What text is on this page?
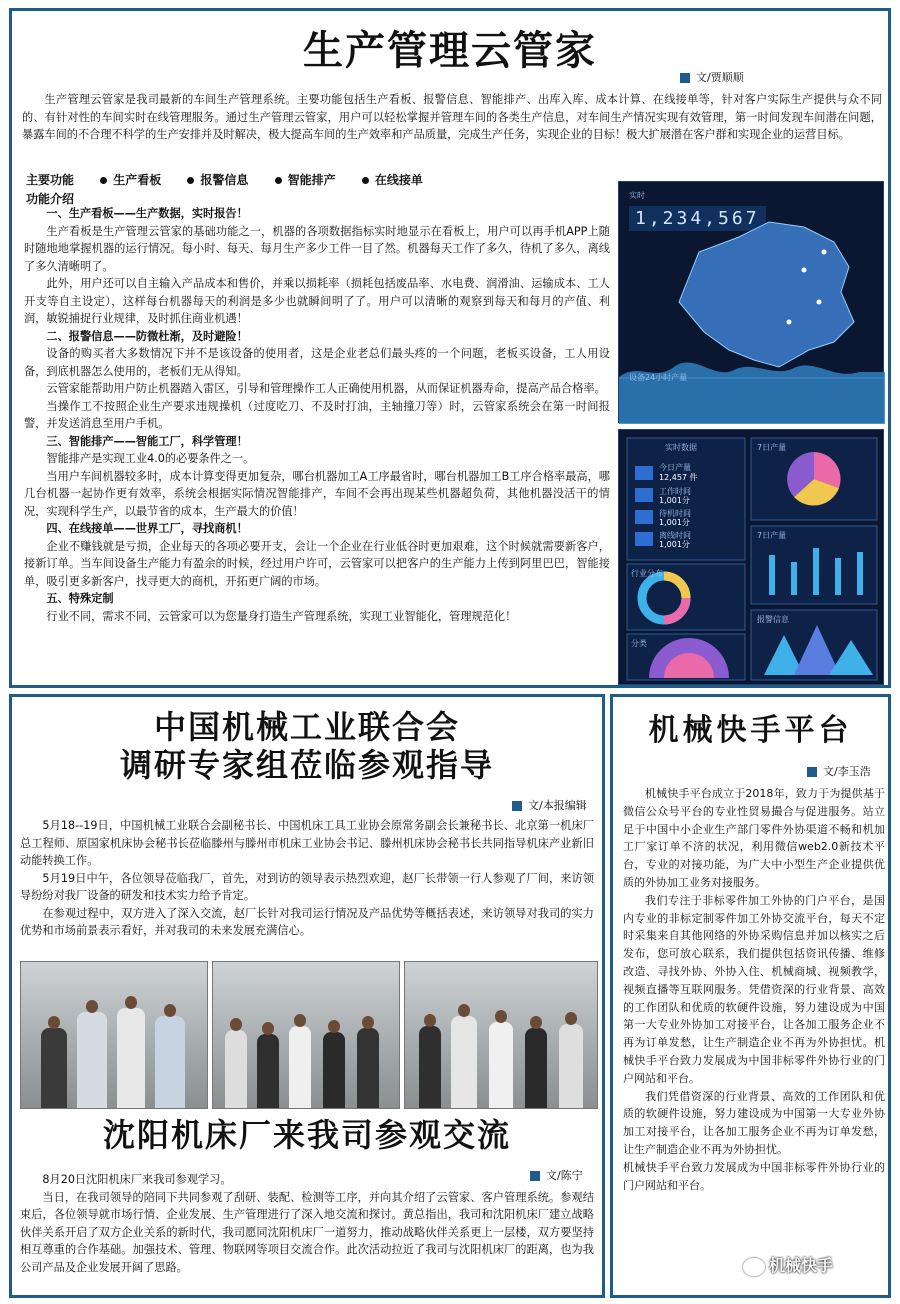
生产管理云管家
文/贾顺顺

生产管理云管家是我司最新的车间生产管理系统。主要功能包括生产看板、报警信息、智能排产、出库入库、成本计算、在线接单等，针对客户实际生产提供与众不同的、有针对性的车间实时在线管理服务。通过生产管理云管家，用户可以轻松掌握并管理车间的各类生产信息，对车间生产情况实现有效管理，第一时间发现车间潜在问题，暴露车间的不合理不科学的生产安排并及时解决，极大提高车间的生产效率和产品质量，完成生产任务，实现企业的目标！极大扩展潜在客户群和实现企业的运营目标。

主要功能	生产看板	报警信息	智能排产	在线接单
功能介绍
一、生产看板——生产数据，实时报告！

生产看板是生产管理云管家的基础功能之一，机器的各项数据指标实时地显示在看板上，用户可以再手机APP上随时随地地掌握机器的运行情况。每小时、每天、每月生产多少工件一目了然。机器每天工作了多久，待机了多久，离线了多久清晰明了。

此外，用户还可以自主输入产品成本和售价，并乘以损耗率（损耗包括废品率、水电费、润滑油、运输成本、工人开支等自主设定），这样每台机器每天的利润是多少也就瞬间明了了。用户可以清晰的观察到每天和每月的产值、利润，敏锐捕捉行业规律，及时抓住商业机遇！

二、报警信息——防微杜渐，及时避险！

设备的购买者大多数情况下并不是该设备的使用者，这是企业老总们最头疼的一个问题，老板买设备，工人用设备，到底机器怎么使用的，老板们无从得知。

云管家能帮助用户防止机器踏入雷区，引导和管理操作工人正确使用机器，从而保证机器寿命，提高产品合格率。

当操作工不按照企业生产要求违规操机（过度吃刀、不及时打油，主轴撞刀等）时，云管家系统会在第一时间报警，并发送消息至用户手机。

三、智能排产——智能工厂，科学管理！

智能排产是实现工业4.0的必要条件之一。

当用户车间机器较多时，成本计算变得更加复杂，哪台机器加工A工序最省时，哪台机器加工B工序合格率最高，哪几台机器一起协作更有效率，系统会根据实际情况智能排产，车间不会再出现某些机器超负荷，其他机器没活干的情况，实现科学生产，以最节省的成本，生产最大的价值！

四、在线接单——世界工厂，寻找商机！

企业不赚钱就是亏损，企业每天的各项必要开支，会让一个企业在行业低谷时更加艰难，这个时候就需要新客户，接新订单。当车间设备生产能力有盈余的时候，经过用户许可，云管家可以把客户的生产能力上传到阿里巴巴，智能接单，吸引更多新客户，找寻更大的商机，开拓更广阔的市场。

五、特殊定制

行业不同，需求不同，云管家可以为您量身打造生产管理系统，实现工业智能化，管理规范化！

实时
1,234,567
设备24小时产量
实时数据
今日产量
12,457 件
工作时间
1,001分
待机时间
1,001分
离线时间
1,001分
7日产量
7日产量
行业分布
分类
报警信息
中国机械工业联合会
调研专家组莅临参观指导
文/本报编辑

5月18--19日，中国机械工业联合会副秘书长、中国机床工具工业协会原常务副会长兼秘书长、北京第一机床厂总工程师、原国家机床协会秘书长莅临滕州与滕州市机床工业协会书记、滕州机床协会秘书长共同指导机床产业新旧动能转换工作。

5月19日中午，各位领导莅临我厂，首先，对到访的领导表示热烈欢迎，赵厂长带领一行人参观了厂间，来访领导纷纷对我厂设备的研发和技术实力给予肯定。

在参观过程中，双方进入了深入交流，赵厂长针对我司运行情况及产品优势等概括表述，来访领导对我司的实力优势和市场前景表示看好，并对我司的未来发展充满信心。

沈阳机床厂来我司参观交流
文/陈宁

8月20日沈阳机床厂来我司参观学习。

当日，在我司领导的陪同下共同参观了刮研、装配、检测等工序，并向其介绍了云管家、客户管理系统。参观结束后，各位领导就市场行情、企业发展、生产管理进行了深入地交流和探讨。黄总指出，我司和沈阳机床厂建立战略伙伴关系开启了双方企业关系的新时代，我司愿同沈阳机床厂一道努力，推动战略伙伴关系更上一层楼，双方要坚持相互尊重的合作基础。加强技术、管理、物联网等项目交流合作。此次活动拉近了我司与沈阳机床厂的距离，也为我公司产品及企业发展开阔了思路。

机械快手平台
文/李玉浩

机械快手平台成立于2018年，致力于为提供基于微信公众号平台的专业性贸易撮合与促进服务。站立足于中国中小企业生产部门零件外协渠道不畅和机加工厂家订单不济的状况，利用微信web2.0新技术平台，专业的对接功能，为广大中小型生产企业提供优质的外协加工业务对接服务。

我们专注于非标零件加工外协的门户平台，是国内专业的非标定制零件加工外协交流平台，每天不定时采集来自其他网络的外协采购信息并加以核实之后发布，您可放心联系，我们提供包括资讯传播、维修改造、寻找外协、外协入住、机械商城、视频教学，视频直播等互联网服务。凭借资深的行业背景、高效的工作团队和优质的软硬件设施，努力建设成为中国第一大专业外协加工对接平台，让各加工服务企业不再为订单发愁，让生产制造企业不再为外协担忧。机械快手平台致力发展成为中国非标零件外协行业的门户网站和平台。

我们凭借资深的行业背景、高效的工作团队和优质的软硬件设施，努力建设成为中国第一大专业外协加工对接平台，让各加工服务企业不再为订单发愁，让生产制造企业不再为外协担忧。

机械快手平台致力发展成为中国非标零件外协行业的门户网站和平台。

机械快手
